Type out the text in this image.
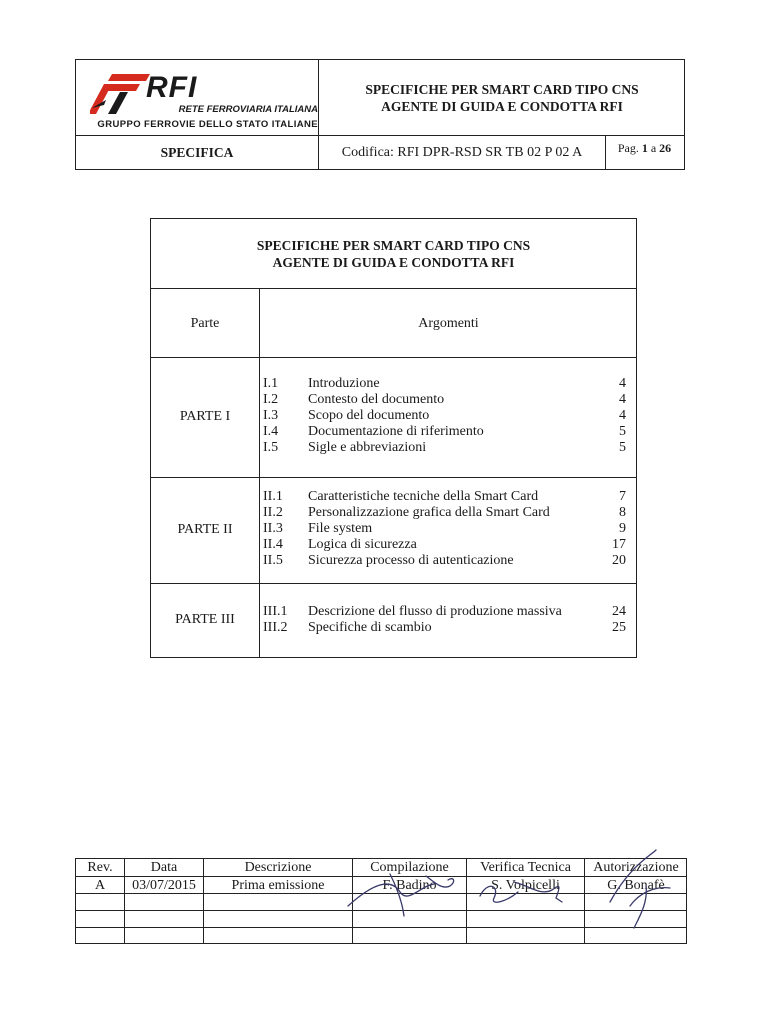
RFI
RETE FERROVIARIA ITALIANA
GRUPPO FERROVIE DELLO STATO ITALIANE
SPECIFICHE PER SMART CARD TIPO CNS
AGENTE DI GUIDA E CONDOTTA RFI
SPECIFICA	Codifica: RFI DPR-RSD SR TB 02 P 02 A	Pag. 1 a 26
SPECIFICHE PER SMART CARD TIPO CNS
AGENTE DI GUIDA E CONDOTTA RFI
Parte	Argomenti
PARTE I
I.1 Introduzione	4
I.2 Contesto del documento	4
I.3 Scopo del documento	4
I.4 Documentazione di riferimento	5
I.5 Sigle e abbreviazioni	5
PARTE II
II.1 Caratteristiche tecniche della Smart Card	7
II.2 Personalizzazione grafica della Smart Card	8
II.3 File system	9
II.4 Logica di sicurezza	17
II.5 Sicurezza processo di autenticazione	20
PARTE III
III.1 Descrizione del flusso di produzione massiva	24
III.2 Specifiche di scambio	25
Rev.	Data	Descrizione	Compilazione	Verifica Tecnica	Autorizzazione
A	03/07/2015	Prima emissione	F. Badino	S. Volpicelli	G. Bonafè
